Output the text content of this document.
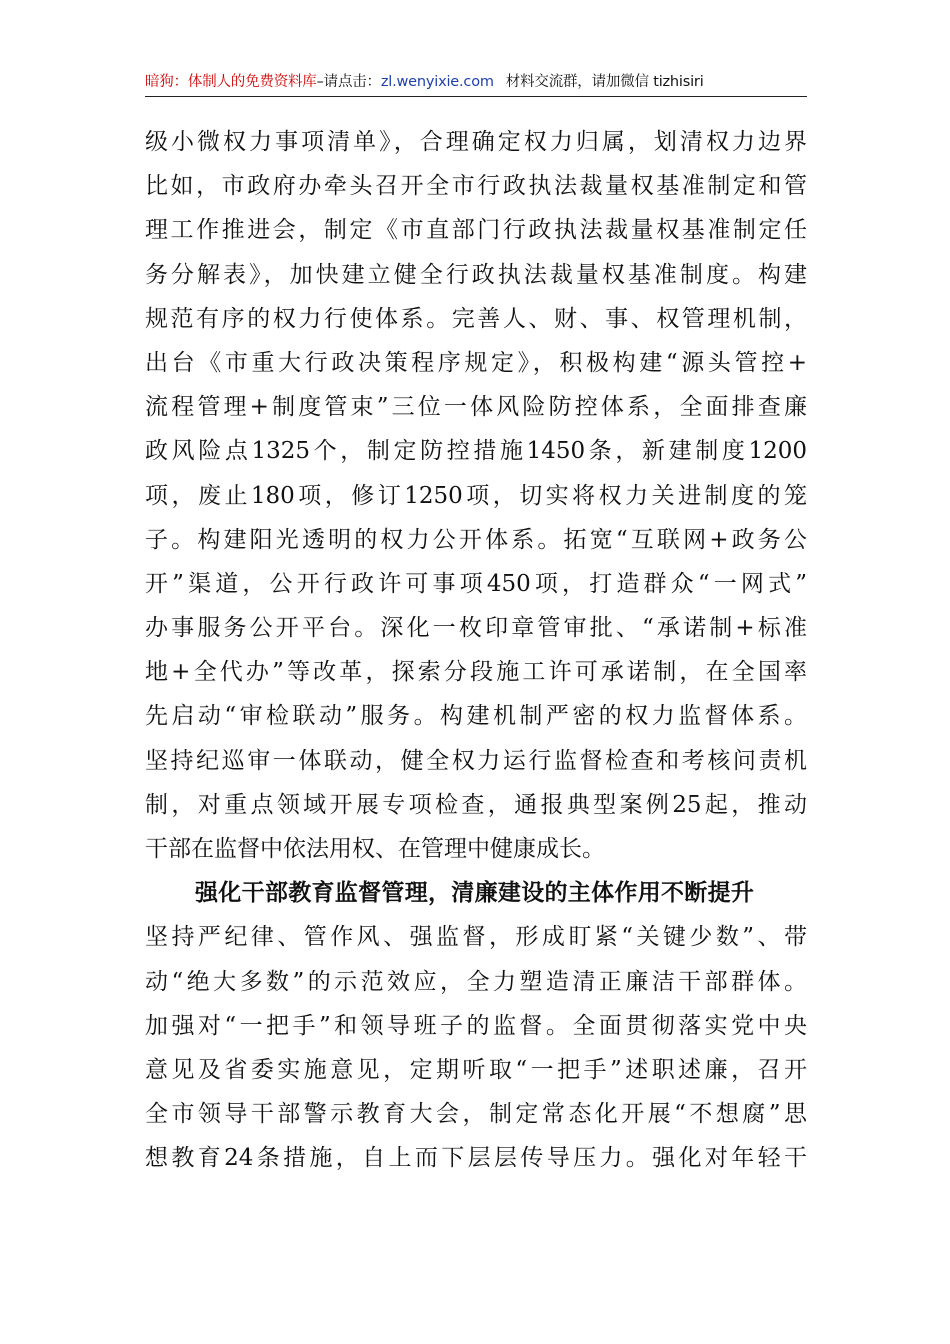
暗狗：体制人的免费资料库–请点击：zl.wenyixie.com 材料交流群，请加微信 tizhisiri
级小微权力事项清单》，合理确定权力归属，划清权力边界
比如，市政府办牵头召开全市行政执法裁量权基准制定和管
理工作推进会，制定《市直部门行政执法裁量权基准制定任
务分解表》，加快建立健全行政执法裁量权基准制度。构建
规范有序的权力行使体系。完善人、财、事、权管理机制，
出台《市重大行政决策程序规定》，积极构建“源头管控+
流程管理+制度管束”三位一体风险防控体系，全面排查廉
政风险点1325个，制定防控措施1450条，新建制度1200
项，废止180项，修订1250项，切实将权力关进制度的笼
子。构建阳光透明的权力公开体系。拓宽“互联网+政务公
开”渠道，公开行政许可事项450项，打造群众“一网式”
办事服务公开平台。深化一枚印章管审批、“承诺制+标准
地+全代办”等改革，探索分段施工许可承诺制，在全国率
先启动“审检联动”服务。构建机制严密的权力监督体系。
坚持纪巡审一体联动，健全权力运行监督检查和考核问责机
制，对重点领域开展专项检查，通报典型案例25起，推动
干部在监督中依法用权、在管理中健康成长。
强化干部教育监督管理，清廉建设的主体作用不断提升
坚持严纪律、管作风、强监督，形成盯紧“关键少数”、带
动“绝大多数”的示范效应，全力塑造清正廉洁干部群体。
加强对“一把手”和领导班子的监督。全面贯彻落实党中央
意见及省委实施意见，定期听取“一把手”述职述廉，召开
全市领导干部警示教育大会，制定常态化开展“不想腐”思
想教育24条措施，自上而下层层传导压力。强化对年轻干
